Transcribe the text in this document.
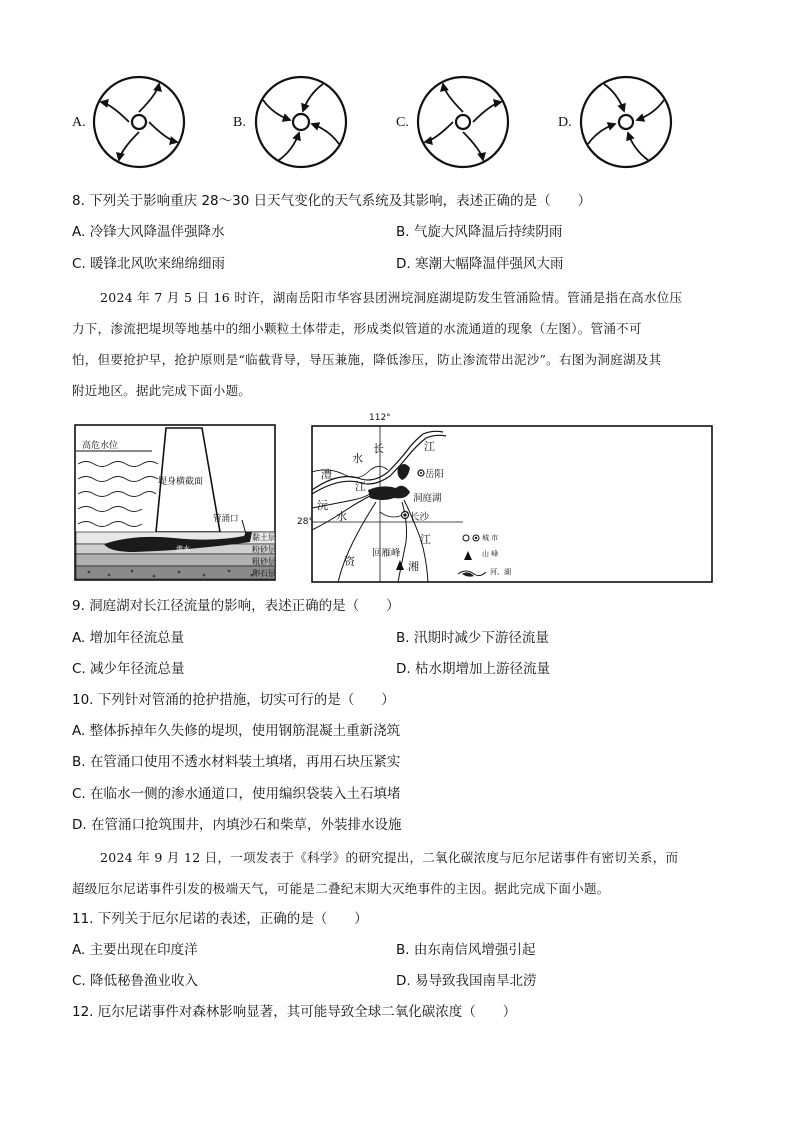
A.	B.	C.	D.
8. 下列关于影响重庆 28～30 日天气变化的天气系统及其影响，表述正确的是（　　）
A. 冷锋大风降温伴强降水	B. 气旋大风降温后持续阴雨
C. 暖锋北风吹来绵绵细雨	D. 寒潮大幅降温伴强风大雨
2024 年 7 月 5 日 16 时许，湖南岳阳市华容县团洲垸洞庭湖堤防发生管涌险情。管涌是指在高水位压
力下，渗流把堤坝等地基中的细小颗粒土体带走，形成类似管道的水流通道的现象（左图）。管涌不可
怕，但要抢护早，抢护原则是“临截背导，导压兼施，降低渗压，防止渗流带出泥沙”。右图为洞庭湖及其
附近地区。据此完成下面小题。
高危水位
堤身横截面
管涌口
渗水
黏土层
粉砂层
粗砂层
卵石层
112°
28°
长	江
水
澧
江
沅
水
资
江
湘
岳阳
洞庭湖
长沙
回雁峰
城 市
山 峰
河、湖
9. 洞庭湖对长江径流量的影响，表述正确的是（　　）
A. 增加年径流总量	B. 汛期时减少下游径流量
C. 减少年径流总量	D. 枯水期增加上游径流量
10. 下列针对管涌的抢护措施，切实可行的是（　　）
A. 整体拆掉年久失修的堤坝，使用钢筋混凝土重新浇筑
B. 在管涌口使用不透水材料装土填堵，再用石块压紧实
C. 在临水一侧的渗水通道口，使用编织袋装入土石填堵
D. 在管涌口抢筑围井，内填沙石和柴草，外装排水设施
2024 年 9 月 12 日，一项发表于《科学》的研究提出，二氧化碳浓度与厄尔尼诺事件有密切关系，而
超级厄尔尼诺事件引发的极端天气，可能是二叠纪末期大灭绝事件的主因。据此完成下面小题。
11. 下列关于厄尔尼诺的表述，正确的是（　　）
A. 主要出现在印度洋	B. 由东南信风增强引起
C. 降低秘鲁渔业收入	D. 易导致我国南旱北涝
12. 厄尔尼诺事件对森林影响显著，其可能导致全球二氧化碳浓度（　　）
